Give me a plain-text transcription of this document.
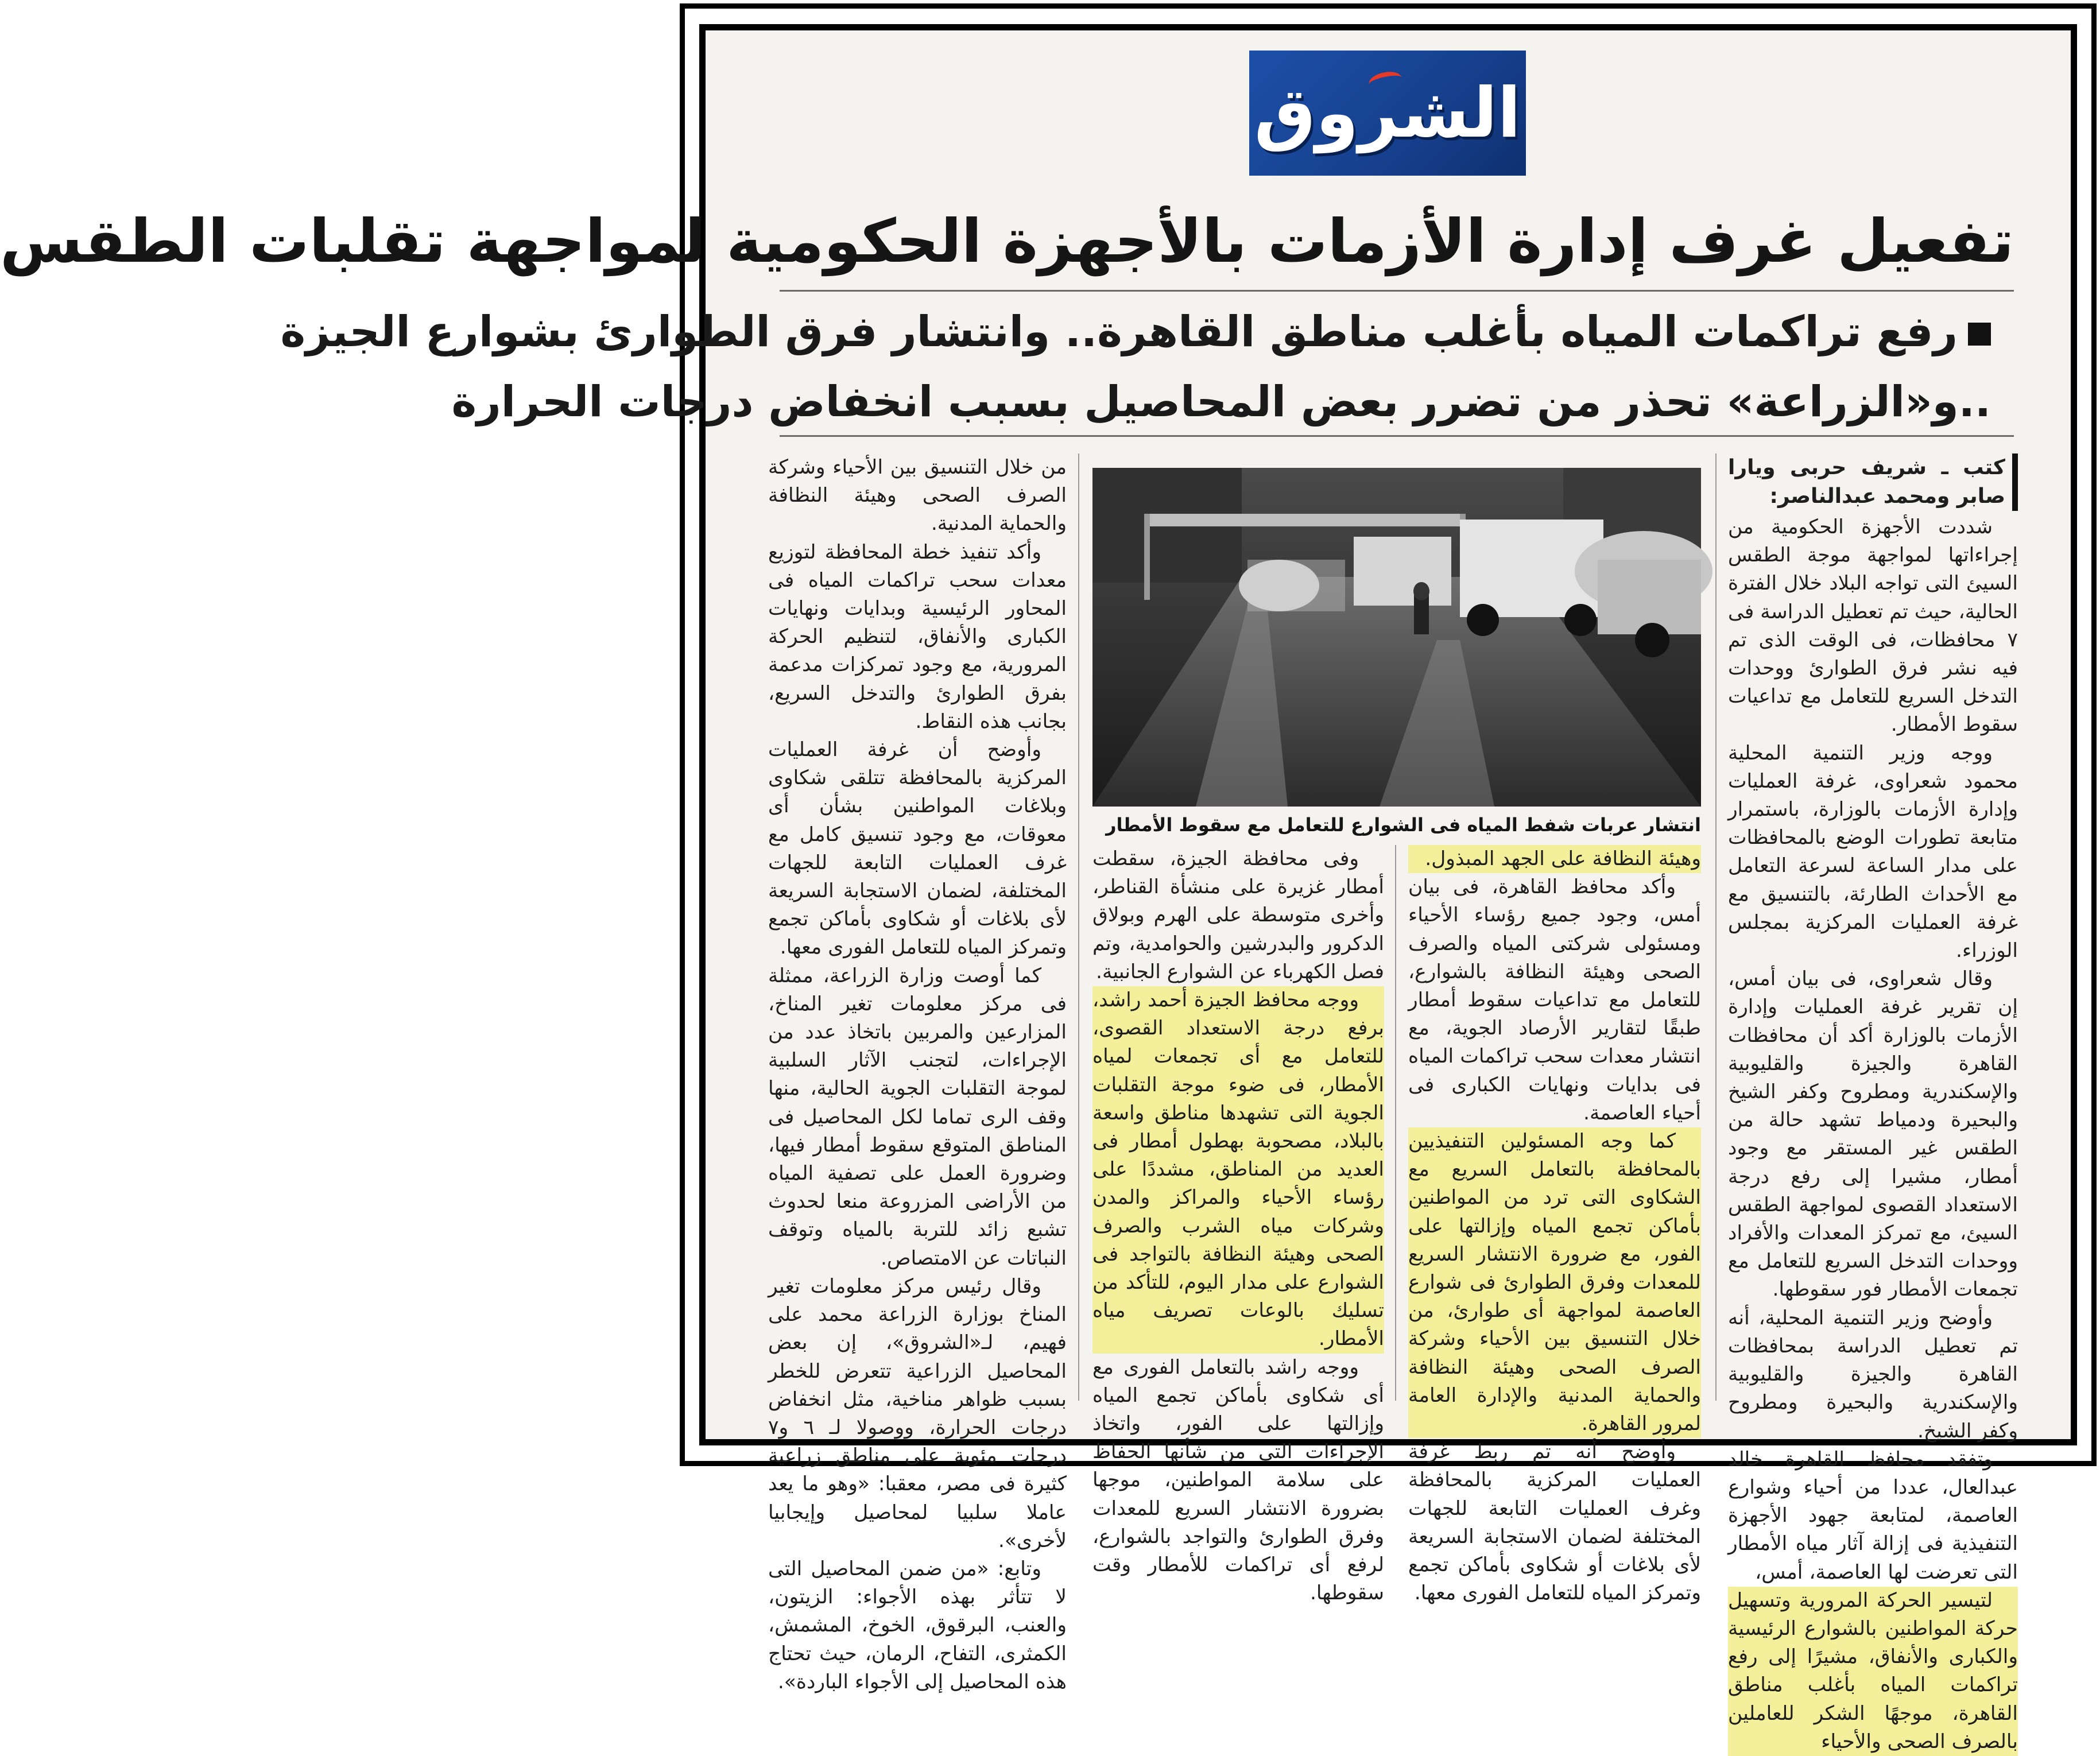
الشروق
تفعيل غرف إدارة الأزمات بالأجهزة الحكومية لمواجهة تقلبات الطقس
رفع تراكمات المياه بأغلب مناطق القاهرة.. وانتشار فرق الطوارئ بشوارع الجيزة
..و«الزراعة» تحذر من تضرر بعض المحاصيل بسبب انخفاض درجات الحرارة
كتب ـ شريف حربى ويارا صابر ومحمد عبدالناصر:

شددت الأجهزة الحكومية من إجراءاتها لمواجهة موجة الطقس السيئ التى تواجه البلاد خلال الفترة الحالية، حيث تم تعطيل الدراسة فى ٧ محافظات، فى الوقت الذى تم فيه نشر فرق الطوارئ ووحدات التدخل السريع للتعامل مع تداعيات سقوط الأمطار.

ووجه وزير التنمية المحلية محمود شعراوى، غرفة العمليات وإدارة الأزمات بالوزارة، باستمرار متابعة تطورات الوضع بالمحافظات على مدار الساعة لسرعة التعامل مع الأحداث الطارئة، بالتنسيق مع غرفة العمليات المركزية بمجلس الوزراء.

وقال شعراوى، فى بيان أمس، إن تقرير غرفة العمليات وإدارة الأزمات بالوزارة أكد أن محافظات القاهرة والجيزة والقليوبية والإسكندرية ومطروح وكفر الشيخ والبحيرة ودمياط تشهد حالة من الطقس غير المستقر مع وجود أمطار، مشيرا إلى رفع درجة الاستعداد القصوى لمواجهة الطقس السيئ، مع تمركز المعدات والأفراد ووحدات التدخل السريع للتعامل مع تجمعات الأمطار فور سقوطها.

وأوضح وزير التنمية المحلية، أنه تم تعطيل الدراسة بمحافظات القاهرة والجيزة والقليوبية والإسكندرية والبحيرة ومطروح وكفر الشيخ.

وتفقد محافظ القاهرة خالد عبدالعال، عددا من أحياء وشوارع العاصمة، لمتابعة جهود الأجهزة التنفيذية فى إزالة آثار مياه الأمطار التى تعرضت لها العاصمة، أمس،

لتيسير الحركة المرورية وتسهيل حركة المواطنين بالشوارع الرئيسية والكبارى والأنفاق، مشيرًا إلى رفع تراكمات المياه بأغلب مناطق القاهرة، موجهًا الشكر للعاملين بالصرف الصحى والأحياء

انتشار عربات شفط المياه فى الشوارع للتعامل مع سقوط الأمطار

وهيئة النظافة على الجهد المبذول.

وأكد محافظ القاهرة، فى بيان أمس، وجود جميع رؤساء الأحياء ومسئولى شركتى المياه والصرف الصحى وهيئة النظافة بالشوارع، للتعامل مع تداعيات سقوط أمطار طبقًا لتقارير الأرصاد الجوية، مع انتشار معدات سحب تراكمات المياه فى بدايات ونهايات الكبارى فى أحياء العاصمة.

كما وجه المسئولين التنفيذيين بالمحافظة بالتعامل السريع مع الشكاوى التى ترد من المواطنين بأماكن تجمع المياه وإزالتها على الفور، مع ضرورة الانتشار السريع للمعدات وفرق الطوارئ فى شوارع العاصمة لمواجهة أى طوارئ، من خلال التنسيق بين الأحياء وشركة الصرف الصحى وهيئة النظافة والحماية المدنية والإدارة العامة لمرور القاهرة.

وأوضح أنه تم ربط غرفة العمليات المركزية بالمحافظة وغرف العمليات التابعة للجهات المختلفة لضمان الاستجابة السريعة لأى بلاغات أو شكاوى بأماكن تجمع وتمركز المياه للتعامل الفورى معها.

وفى محافظة الجيزة، سقطت أمطار غزيرة على منشأة القناطر، وأخرى متوسطة على الهرم وبولاق الدكرور والبدرشين والحوامدية، وتم فصل الكهرباء عن الشوارع الجانبية.

ووجه محافظ الجيزة أحمد راشد، برفع درجة الاستعداد القصوى، للتعامل مع أى تجمعات لمياه الأمطار، فى ضوء موجة التقلبات الجوية التى تشهدها مناطق واسعة بالبلاد، مصحوبة بهطول أمطار فى العديد من المناطق، مشددًا على رؤساء الأحياء والمراكز والمدن وشركات مياه الشرب والصرف الصحى وهيئة النظافة بالتواجد فى الشوارع على مدار اليوم، للتأكد من تسليك بالوعات تصريف مياه الأمطار.

ووجه راشد بالتعامل الفورى مع أى شكاوى بأماكن تجمع المياه وإزالتها على الفور، واتخاذ الإجراءات التى من شأنها الحفاظ على سلامة المواطنين، موجها بضرورة الانتشار السريع للمعدات وفرق الطوارئ والتواجد بالشوارع، لرفع أى تراكمات للأمطار وقت سقوطها.

من خلال التنسيق بين الأحياء وشركة الصرف الصحى وهيئة النظافة والحماية المدنية.

وأكد تنفيذ خطة المحافظة لتوزيع معدات سحب تراكمات المياه فى المحاور الرئيسية وبدايات ونهايات الكبارى والأنفاق، لتنظيم الحركة المرورية، مع وجود تمركزات مدعمة بفرق الطوارئ والتدخل السريع، بجانب هذه النقاط.

وأوضح أن غرفة العمليات المركزية بالمحافظة تتلقى شكاوى وبلاغات المواطنين بشأن أى معوقات، مع وجود تنسيق كامل مع غرف العمليات التابعة للجهات المختلفة، لضمان الاستجابة السريعة لأى بلاغات أو شكاوى بأماكن تجمع وتمركز المياه للتعامل الفورى معها.

كما أوصت وزارة الزراعة، ممثلة فى مركز معلومات تغير المناخ، المزارعين والمربين باتخاذ عدد من الإجراءات، لتجنب الآثار السلبية لموجة التقلبات الجوية الحالية، منها وقف الرى تماما لكل المحاصيل فى المناطق المتوقع سقوط أمطار فيها، وضرورة العمل على تصفية المياه من الأراضى المزروعة منعا لحدوث تشبع زائد للتربة بالمياه وتوقف النباتات عن الامتصاص.

وقال رئيس مركز معلومات تغير المناخ بوزارة الزراعة محمد على فهيم، لـ«الشروق»، إن بعض المحاصيل الزراعية تتعرض للخطر بسبب ظواهر مناخية، مثل انخفاض درجات الحرارة، ووصولا لـ ٦ و٧ درجات مئوية على مناطق زراعية كثيرة فى مصر، معقبا: «وهو ما يعد عاملا سلبيا لمحاصيل وإيجابيا لأخرى».

وتابع: «من ضمن المحاصيل التى لا تتأثر بهذه الأجواء: الزيتون، والعنب، البرقوق، الخوخ، المشمش، الكمثرى، التفاح، الرمان، حيث تحتاج هذه المحاصيل إلى الأجواء الباردة».
